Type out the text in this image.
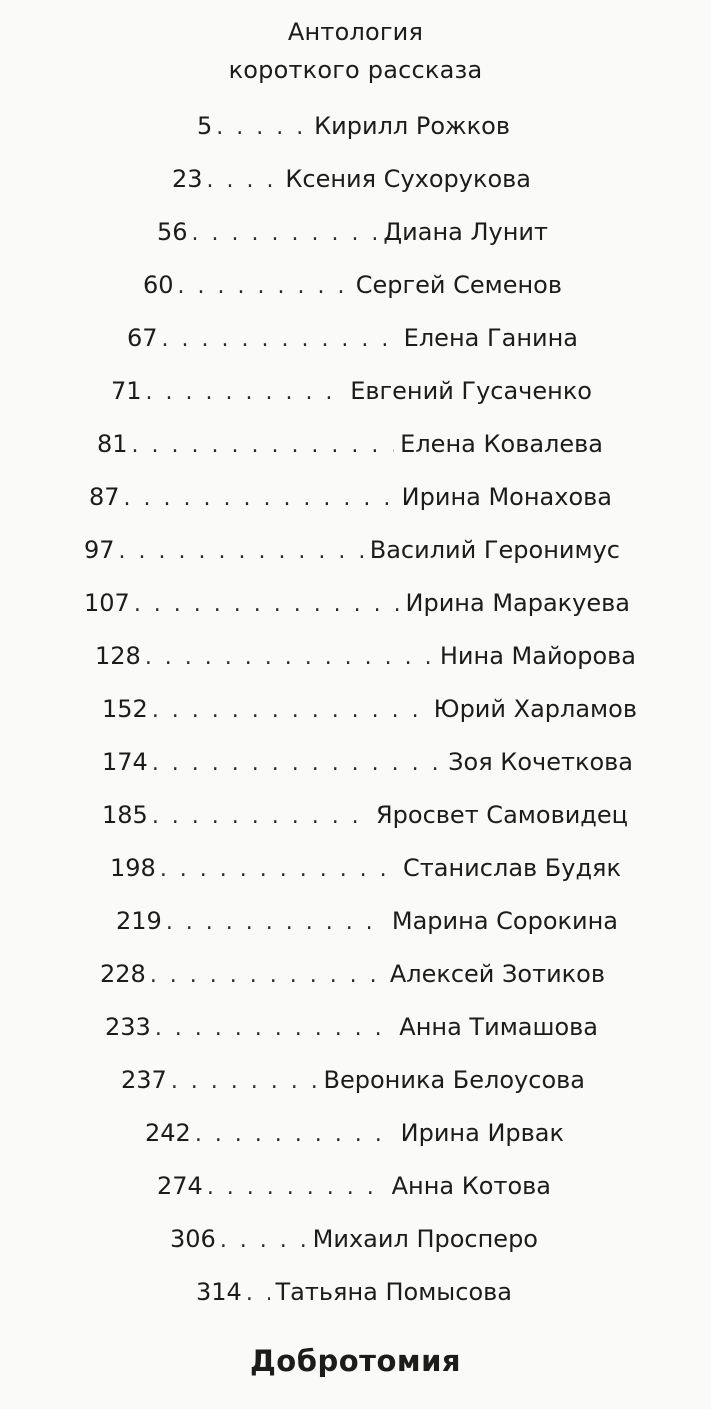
Антология
короткого рассказа
5 . . .	Кирилл Рожков
23 . . .	Ксения Сухорукова
56 . . .	Диана Лунит
60 . . .	Сергей Семенов
67 . . .	Елена Ганина
71 . . .	Евгений Гусаченко
81 . . .	Елена Ковалева
87 . . .	Ирина Монахова
97 . . .	Василий Геронимус
107 . . .	Ирина Маракуева
128 . . .	Нина Майорова
152 . . .	Юрий Харламов
174 . . .	Зоя Кочеткова
185 . . .	Яросвет Самовидец
198 . . .	Станислав Будяк
219 . . .	Марина Сорокина
228 . . .	Алексей Зотиков
233 . . .	Анна Тимашова
237 . . .	Вероника Белоусова
242 . . .	Ирина Ирвак
274 . . .	Анна Котова
306 . . .	Михаил Просперо
314 . . . Татьяна Помысова
Добротомия
